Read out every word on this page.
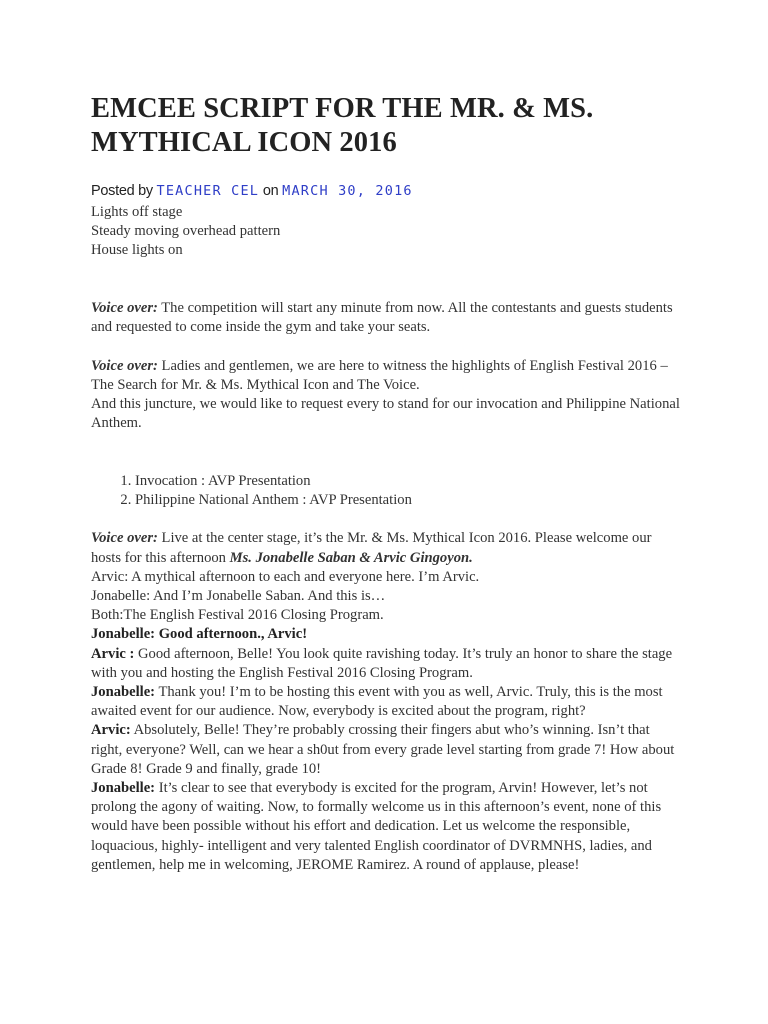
EMCEE SCRIPT FOR THE MR. & MS. MYTHICAL ICON 2016
Posted by TEACHER CEL on MARCH 30, 2016

Lights off stage

Steady moving overhead pattern

House lights on

Voice over: The competition will start any minute from now. All the contestants and guests students and requested to come inside the gym and take your seats.

Voice over: Ladies and gentlemen, we are here to witness the highlights of English Festival 2016 – The Search for Mr. & Ms. Mythical Icon and The Voice.

And this juncture, we would like to request every to stand for our invocation and Philippine National Anthem.

1. Invocation : AVP Presentation
2. Philippine National Anthem : AVP Presentation

Voice over: Live at the center stage, it’s the Mr. & Ms. Mythical Icon 2016. Please welcome our hosts for this afternoon Ms. Jonabelle Saban & Arvic Gingoyon.

Arvic: A mythical afternoon to each and everyone here. I’m Arvic.

Jonabelle: And I’m Jonabelle Saban. And this is…

Both:The English Festival 2016 Closing Program.

Jonabelle: Good afternoon., Arvic!

Arvic : Good afternoon, Belle! You look quite ravishing today. It’s truly an honor to share the stage with you and hosting the English Festival 2016 Closing Program.

Jonabelle: Thank you! I’m to be hosting this event with you as well, Arvic. Truly, this is the most awaited event for our audience. Now, everybody is excited about the program, right?

Arvic: Absolutely, Belle! They’re probably crossing their fingers abut who’s winning. Isn’t that right, everyone? Well, can we hear a sh0ut from every grade level starting from grade 7! How about Grade 8! Grade 9 and finally, grade 10!

Jonabelle: It’s clear to see that everybody is excited for the program, Arvin! However, let’s not prolong the agony of waiting. Now, to formally welcome us in this afternoon’s event, none of this would have been possible without his effort and dedication. Let us welcome the responsible, loquacious, highly- intelligent and very talented English coordinator of DVRMNHS, ladies, and gentlemen, help me in welcoming, JEROME Ramirez. A round of applause, please!
